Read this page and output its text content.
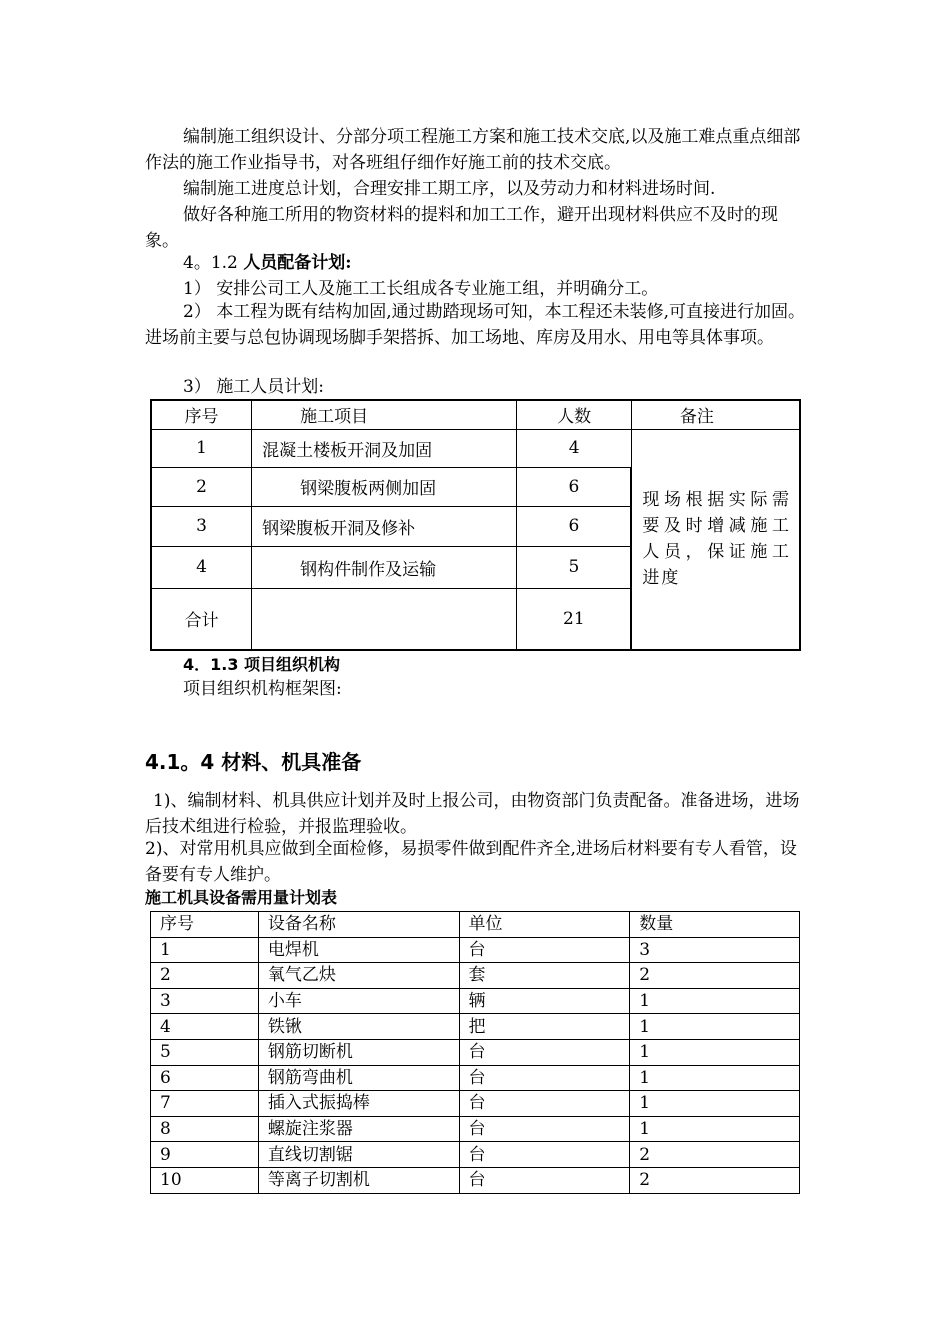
编制施工组织设计、分部分项工程施工方案和施工技术交底,以及施工难点重点细部作法的施工作业指导书，对各班组仔细作好施工前的技术交底。

编制施工进度总计划，合理安排工期工序，以及劳动力和材料进场时间.

做好各种施工所用的物资材料的提料和加工工作，避开出现材料供应不及时的现象。

4。1.2 人员配备计划:

1） 安排公司工人及施工工长组成各专业施工组，并明确分工。

2） 本工程为既有结构加固,通过勘踏现场可知，本工程还未装修,可直接进行加固。进场前主要与总包协调现场脚手架搭拆、加工场地、库房及用水、用电等具体事项。

3） 施工人员计划:

序号	施工项目	人数	备注
1	混凝土楼板开洞及加固	4	现场根据实际需要及时增减施工人员，保证施工进度
2	钢梁腹板两侧加固	6	
3	钢梁腹板开洞及修补	6	
4	钢构件制作及运输	5	
合计		21	

4．1.3 项目组织机构

项目组织机构框架图:

4.1。4 材料、机具准备

1)、编制材料、机具供应计划并及时上报公司，由物资部门负责配备。准备进场，进场后技术组进行检验，并报监理验收。

2)、对常用机具应做到全面检修，易损零件做到配件齐全,进场后材料要有专人看管，设备要有专人维护。

施工机具设备需用量计划表

序号	设备名称	单位	数量
1	电焊机	台	3
2	氧气乙炔	套	2
3	小车	辆	1
4	铁锹	把	1
5	钢筋切断机	台	1
6	钢筋弯曲机	台	1
7	插入式振捣棒	台	1
8	螺旋注浆器	台	1
9	直线切割锯	台	2
10	等离子切割机	台	2
